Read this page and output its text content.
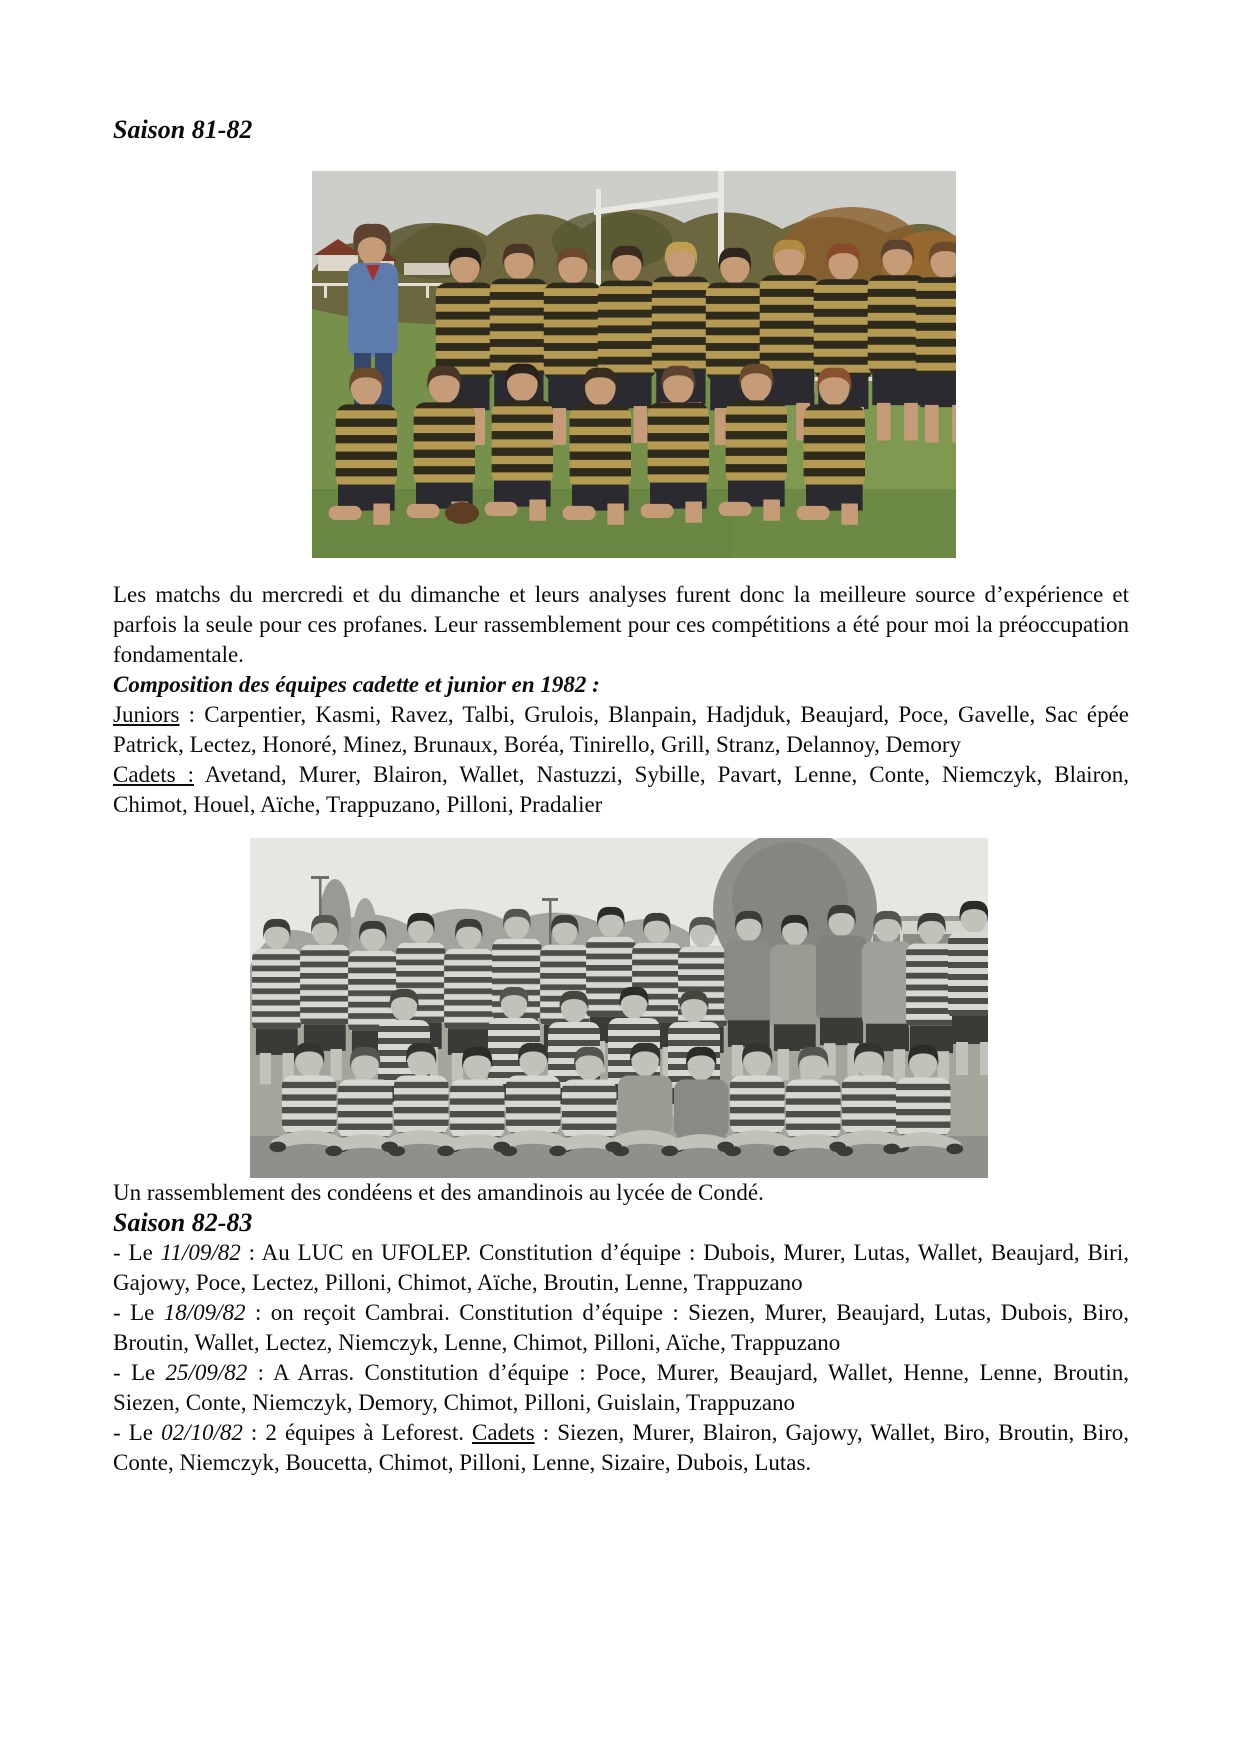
Saison 81-82

Les matchs du mercredi et du dimanche et leurs analyses furent donc la meilleure source d’expérience et parfois la seule pour ces profanes. Leur rassemblement pour ces compétitions a été pour moi la préoccupation fondamentale.

Composition des équipes cadette et junior en 1982 :

Juniors : Carpentier, Kasmi, Ravez, Talbi, Grulois, Blanpain, Hadjduk, Beaujard, Poce, Gavelle, Sac épée Patrick, Lectez, Honoré, Minez, Brunaux, Boréa, Tinirello, Grill, Stranz, Delannoy, Demory

Cadets : Avetand, Murer, Blairon, Wallet, Nastuzzi, Sybille, Pavart, Lenne, Conte, Niemczyk, Blairon, Chimot, Houel, Aïche, Trappuzano, Pilloni, Pradalier

Un rassemblement des condéens et des amandinois au lycée de Condé.

Saison 82-83

- Le 11/09/82 : Au LUC en UFOLEP. Constitution d’équipe : Dubois, Murer, Lutas, Wallet, Beaujard, Biri, Gajowy, Poce, Lectez, Pilloni, Chimot, Aïche, Broutin, Lenne, Trappuzano

- Le 18/09/82 : on reçoit Cambrai. Constitution d’équipe : Siezen, Murer, Beaujard, Lutas, Dubois, Biro, Broutin, Wallet, Lectez, Niemczyk, Lenne, Chimot, Pilloni, Aïche, Trappuzano

- Le 25/09/82 : A Arras. Constitution d’équipe : Poce, Murer, Beaujard, Wallet, Henne, Lenne, Broutin, Siezen, Conte, Niemczyk, Demory, Chimot, Pilloni, Guislain, Trappuzano

- Le 02/10/82 : 2 équipes à Leforest. Cadets : Siezen, Murer, Blairon, Gajowy, Wallet, Biro, Broutin, Biro, Conte, Niemczyk, Boucetta, Chimot, Pilloni, Lenne, Sizaire, Dubois, Lutas.
